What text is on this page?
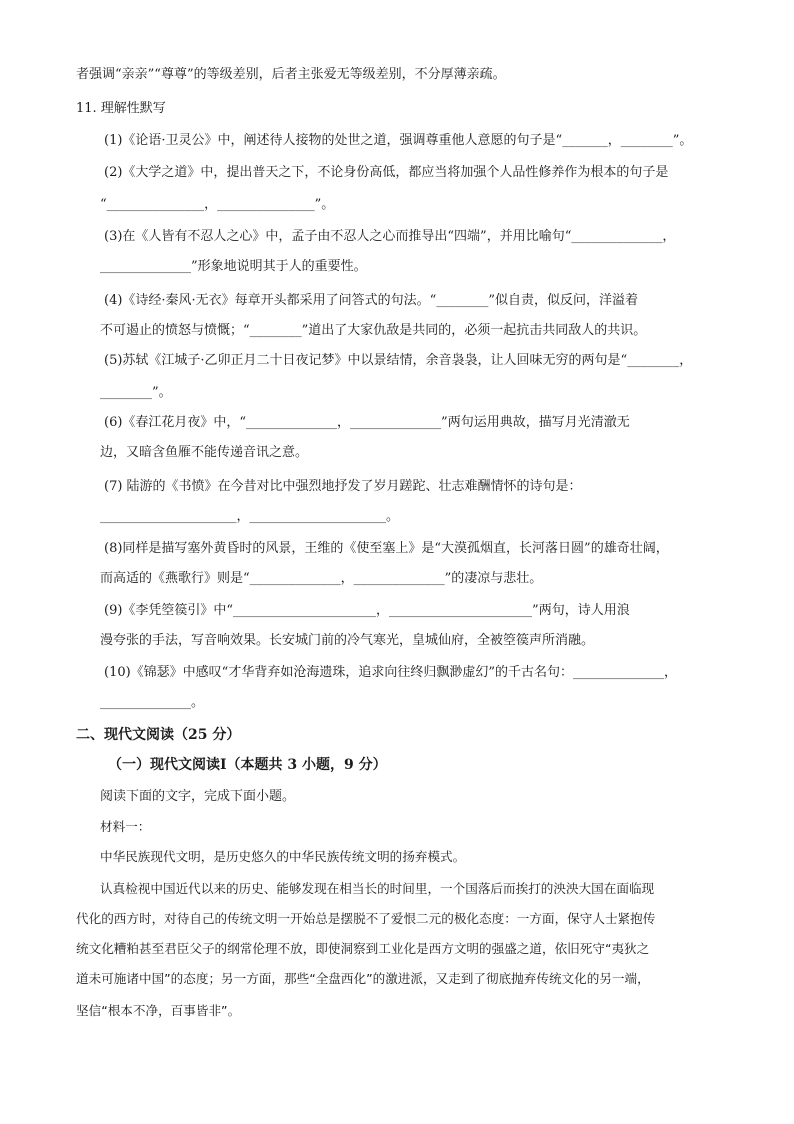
者强调“亲亲”“尊尊”的等级差别，后者主张爱无等级差别，不分厚薄亲疏。
11. 理解性默写
(1)《论语·卫灵公》中，阐述待人接物的处世之道，强调尊重他人意愿的句子是“_______，________”。
(2)《大学之道》中，提出普天之下，不论身份高低，都应当将加强个人品性修养作为根本的句子是
“_______________，_______________”。
(3)在《人皆有不忍人之心》中，孟子由不忍人之心而推导出“四端”，并用比喻句“______________，
______________”形象地说明其于人的重要性。
(4)《诗经·秦风·无衣》每章开头都采用了问答式的句法。“________”似自责，似反问，洋溢着
不可遏止的愤怒与愤慨；“________”道出了大家仇敌是共同的，必须一起抗击共同敌人的共识。
(5)苏轼《江城子·乙卯正月二十日夜记梦》中以景结情，余音袅袅，让人回味无穷的两句是“________，
________”。
(6)《春江花月夜》中，“______________，______________”两句运用典故，描写月光清澈无
边，又暗含鱼雁不能传递音讯之意。
(7) 陆游的《书愤》在今昔对比中强烈地抒发了岁月蹉跎、壮志难酬情怀的诗句是：
_____________________，_____________________。
(8)同样是描写塞外黄昏时的风景，王维的《使至塞上》是“大漠孤烟直，长河落日圆”的雄奇壮阔，
而高适的《燕歌行》则是“______________，______________”的凄凉与悲壮。
(9)《李凭箜篌引》中“______________________，______________________”两句，诗人用浪
漫夸张的手法，写音响效果。长安城门前的冷气寒光，皇城仙府，全被箜篌声所消融。
(10)《锦瑟》中感叹“才华背弃如沧海遗珠，追求向往终归飘渺虚幻”的千古名句：______________，
______________。
二、现代文阅读（25 分）
（一）现代文阅读Ⅰ（本题共 3 小题，9 分）
阅读下面的文字，完成下面小题。
材料一：
中华民族现代文明，是历史悠久的中华民族传统文明的扬弃模式。
认真检视中国近代以来的历史、能够发现在相当长的时间里，一个国落后而挨打的泱泱大国在面临现
代化的西方时，对待自己的传统文明一开始总是摆脱不了爱恨二元的极化态度：一方面，保守人士紧抱传
统文化糟粕甚至君臣父子的纲常伦理不放，即使洞察到工业化是西方文明的强盛之道，依旧死守“夷狄之
道未可施诸中国”的态度；另一方面，那些“全盘西化”的激进派，又走到了彻底抛弃传统文化的另一端，
坚信“根本不净，百事皆非”。
